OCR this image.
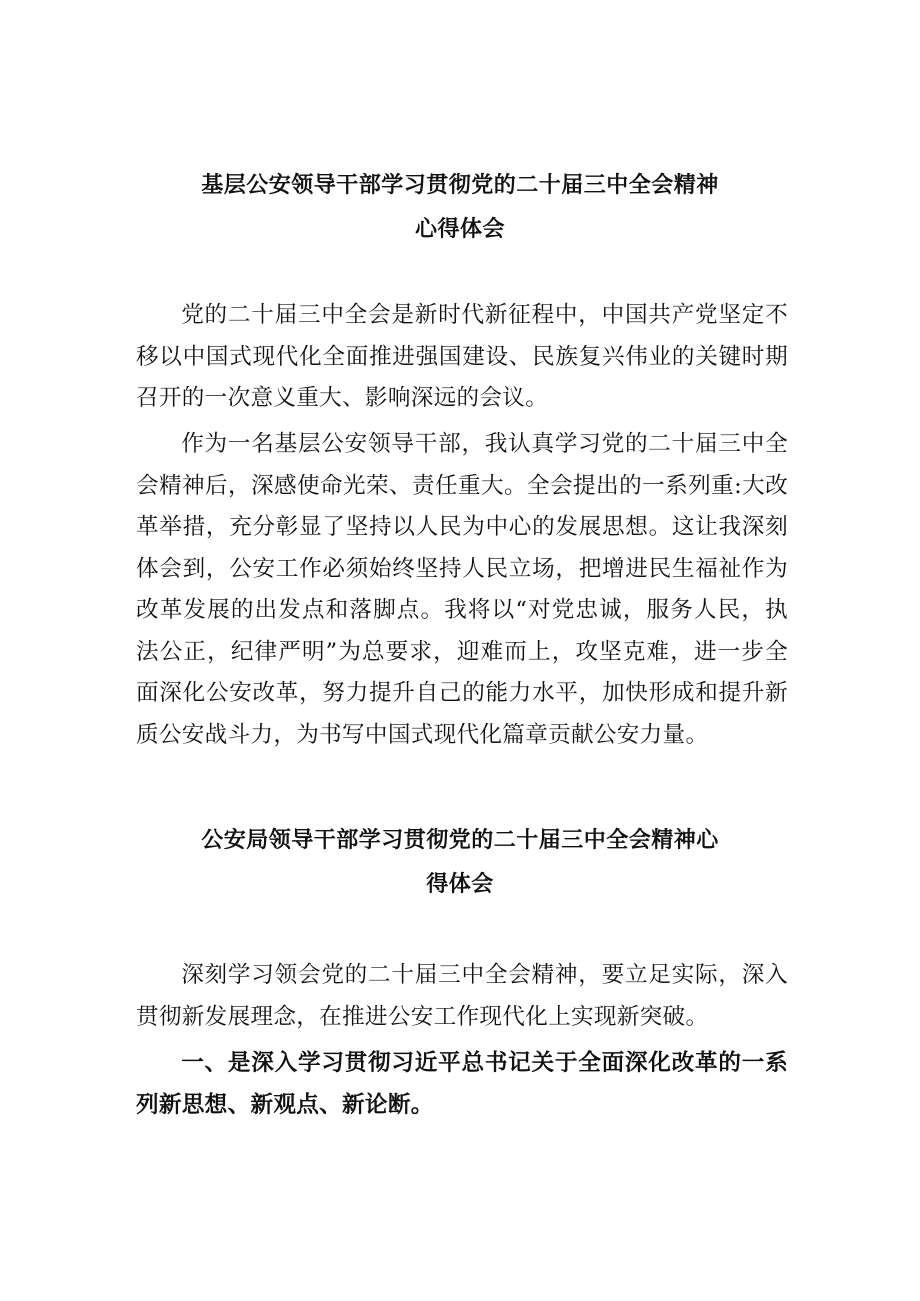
基层公安领导干部学习贯彻党的二十届三中全会精神
心得体会

党的二十届三中全会是新时代新征程中，中国共产党坚定不移以中国式现代化全面推进强国建设、民族复兴伟业的关键时期召开的一次意义重大、影响深远的会议。

作为一名基层公安领导干部，我认真学习党的二十届三中全会精神后，深感使命光荣、责任重大。全会提出的一系列重:大改革举措，充分彰显了坚持以人民为中心的发展思想。这让我深刻体会到，公安工作必须始终坚持人民立场，把增进民生福祉作为改革发展的出发点和落脚点。我将以“对党忠诚，服务人民，执法公正，纪律严明”为总要求，迎难而上，攻坚克难，进一步全面深化公安改革，努力提升自己的能力水平，加快形成和提升新质公安战斗力，为书写中国式现代化篇章贡献公安力量。

公安局领导干部学习贯彻党的二十届三中全会精神心
得体会

深刻学习领会党的二十届三中全会精神，要立足实际，深入贯彻新发展理念，在推进公安工作现代化上实现新突破。

一、是深入学习贯彻习近平总书记关于全面深化改革的一系列新思想、新观点、新论断。
